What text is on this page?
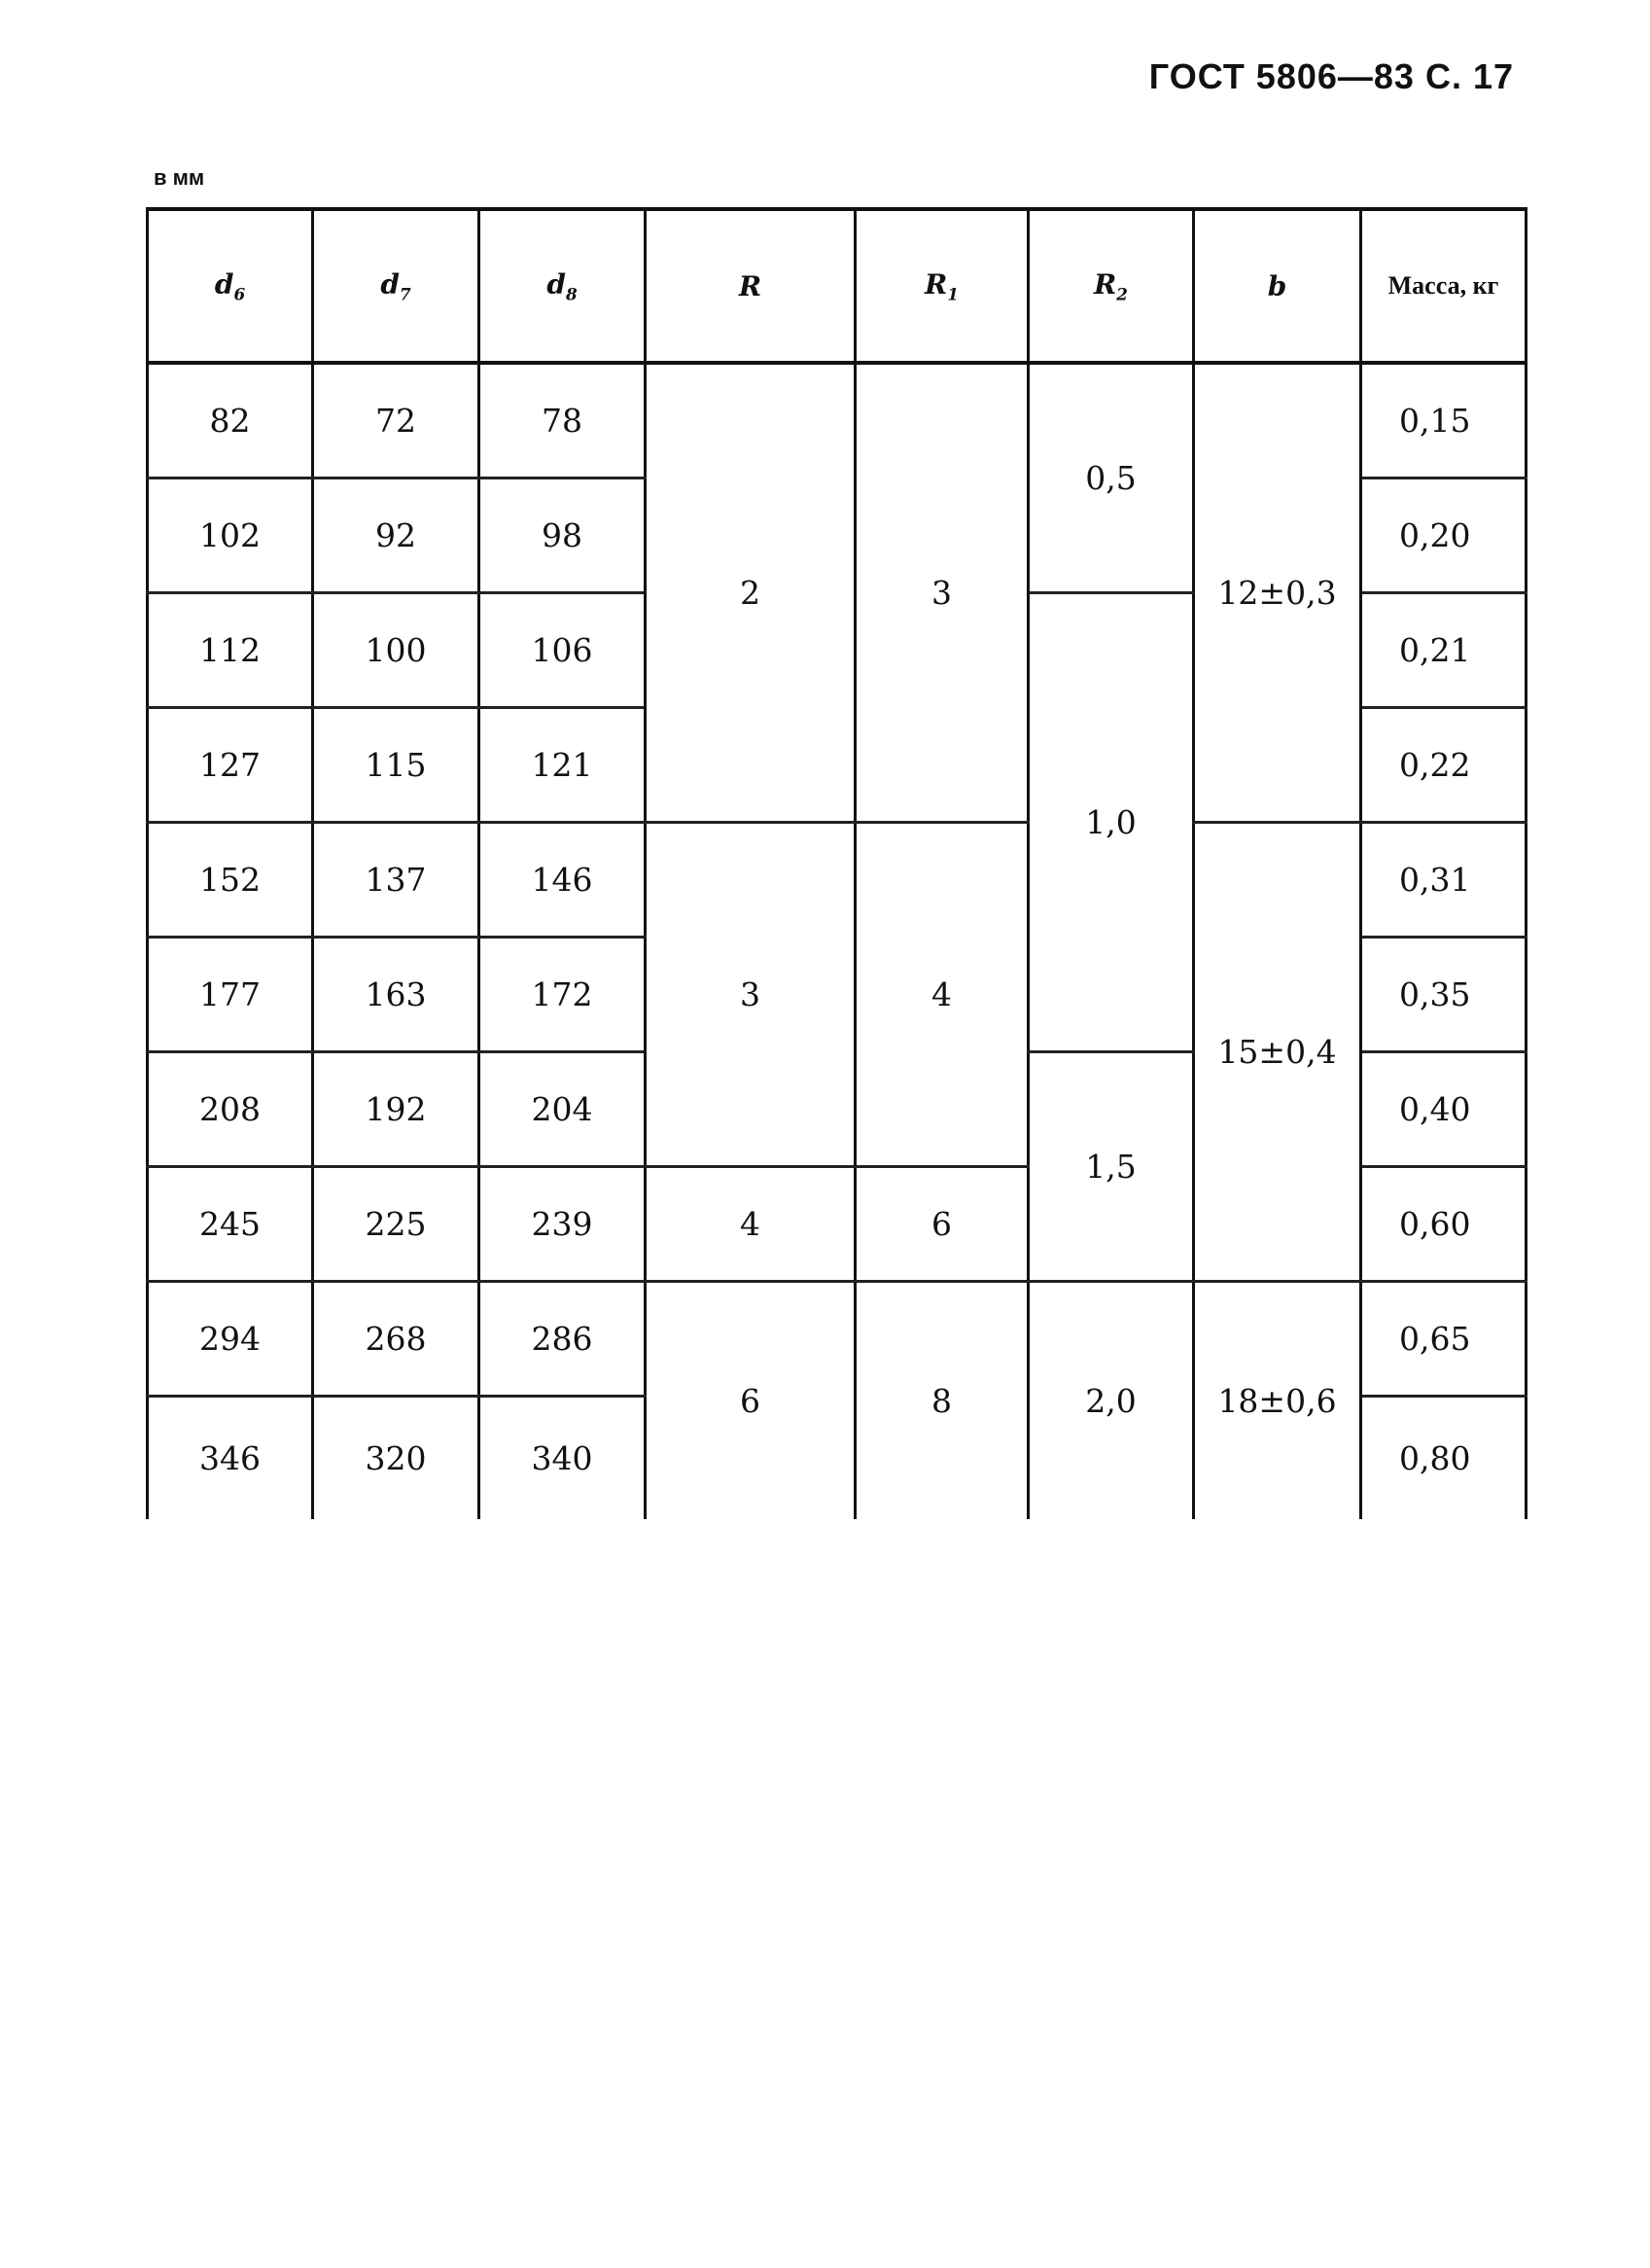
ГОСТ 5806—83 С. 17
в мм
$d_6$	$d_7$	$d_8$	R	$R_1$	$R_2$	b	Масса, кг
82	72	78	2	3	0,5	12±0,3	0,15
102	92	98					0,20
112	100	106			1,0		0,21
127	115	121					0,22
152	137	146	3	4		15±0,4	0,31
177	163	172					0,35
208	192	204			1,5		0,40
245	225	239	4	6			0,60
294	268	286	6	8	2,0	18±0,6	0,65
346	320	340					0,80
